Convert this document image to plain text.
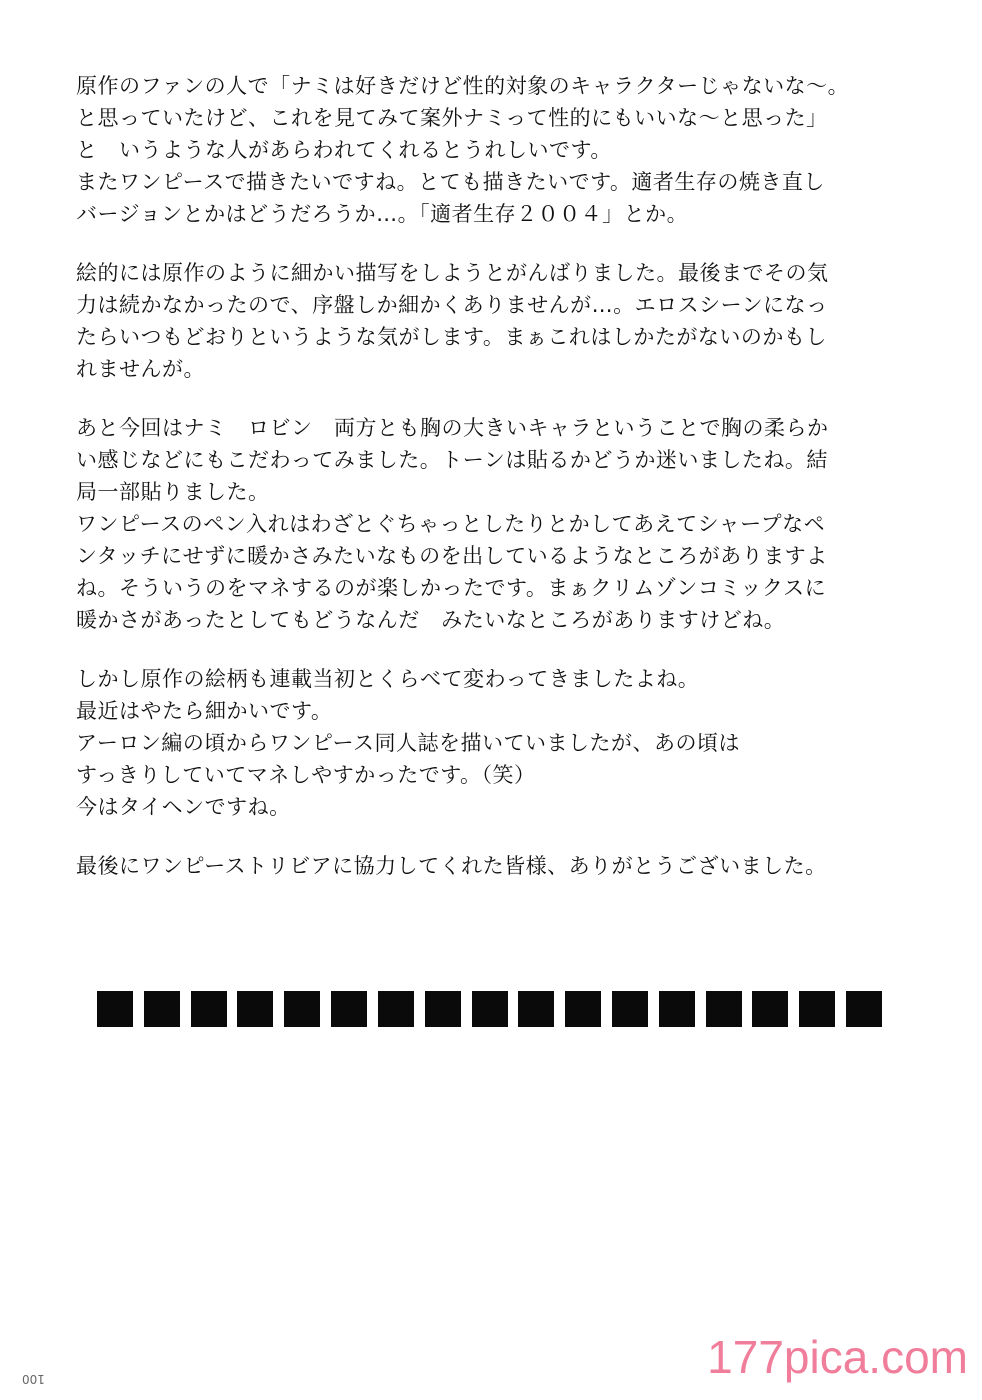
原作のファンの人で「ナミは好きだけど性的対象のキャラクターじゃないな〜。
と思っていたけど、これを見てみて案外ナミって性的にもいいな〜と思った」
と　いうような人があらわれてくれるとうれしいです。
またワンピースで描きたいですね。とても描きたいです。適者生存の焼き直し
バージョンとかはどうだろうか…。「適者生存２００４」とか。

絵的には原作のように細かい描写をしようとがんばりました。最後までその気
力は続かなかったので、序盤しか細かくありませんが…。エロスシーンになっ
たらいつもどおりというような気がします。まぁこれはしかたがないのかもし
れませんが。

あと今回はナミ　ロビン　両方とも胸の大きいキャラということで胸の柔らか
い感じなどにもこだわってみました。トーンは貼るかどうか迷いましたね。結
局一部貼りました。
ワンピースのペン入れはわざとぐちゃっとしたりとかしてあえてシャープなペ
ンタッチにせずに暖かさみたいなものを出しているようなところがありますよ
ね。そういうのをマネするのが楽しかったです。まぁクリムゾンコミックスに
暖かさがあったとしてもどうなんだ　みたいなところがありますけどね。

しかし原作の絵柄も連載当初とくらべて変わってきましたよね。
最近はやたら細かいです。
アーロン編の頃からワンピース同人誌を描いていましたが、あの頃は
すっきりしていてマネしやすかったです。（笑）
今はタイヘンですね。

最後にワンピーストリビアに協力してくれた皆様、ありがとうございました。

100	177pica.com
